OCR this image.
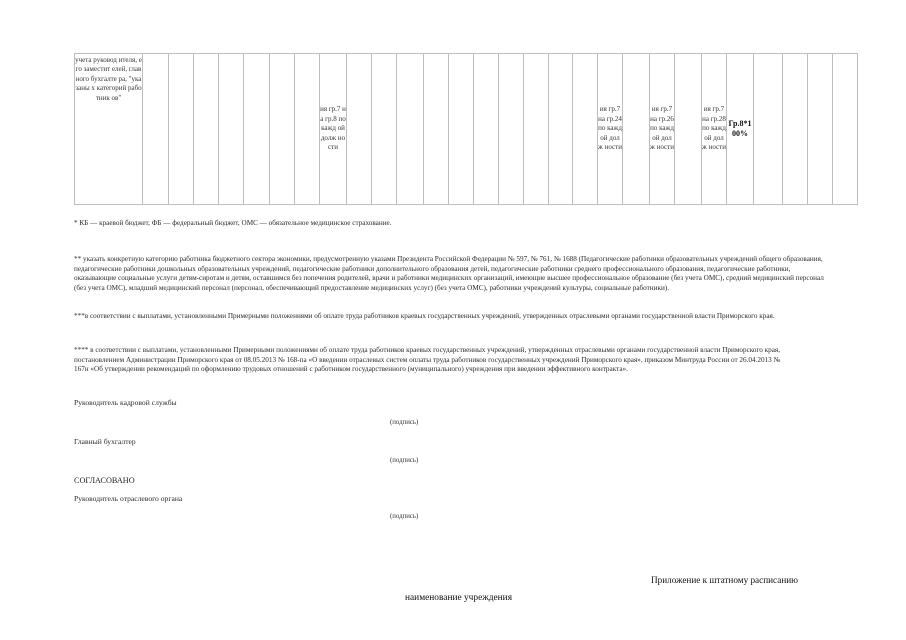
учета руковод ителя, его заместит елей, главного бухгалте ра, "указаны х категорий работник ов"								ия гр.7 на гр.8 по кажд ой долж ности											ия гр.7 на гр.24 по кажд ой долж ности		ия гр.7 на гр.26 по кажд ой долж ности		ия гр.7 на гр.28 по кажд ой долж ности	Гр.8*100%				
* КБ — краевой бюджет, ФБ — федеральный бюджет, ОМС — обязательное медицинское страхование.
** указать конкретную категорию работника бюджетного сектора экономики, предусмотренную указами Президента Российской Федерации № 597, № 761, № 1688 (Педагогические работники образовательных учреждений общего образования, педагогические работники дошкольных образовательных учреждений, педагогические работники дополнительного образования детей, педагогические работники среднего профессионального образования, педагогические работники, оказывающие социальные услуги детям-сиротам и детям, оставшимся без попечения родителей, врачи и работники медицинских организаций, имеющие высшее профессиональное образование (без учета ОМС), средний медицинский персонал (без учета ОМС), младший медицинский персонал (персонал, обеспечивающий предоставление медицинских услуг) (без учета ОМС), работники учреждений культуры, социальные работники).
***в соответствии с выплатами, установленными Примерными положениями об оплате труда работников краевых государственных учреждений, утвержденных отраслевыми органами государственной власти Приморского края.
**** в соответствии с выплатами, установленными Примерными положениями об оплате труда работников краевых государственных учреждений, утвержденных отраслевыми органами государственной власти Приморского края, постановлением Администрации Приморского края от 08.05.2013 № 168-па «О введении отраслевых систем оплаты труда работников государственных учреждений Приморского края», приказом Минтруда России от 26.04.2013 № 167н «Об утверждении рекомендаций по оформлению трудовых отношений с работником государственного (муниципального) учреждения при введении эффективного контракта».
Руководитель кадровой службы
(подпись)
Главный бухгалтер
(подпись)
СОГЛАСОВАНО
Руководитель отраслевого органа
(подпись)
Приложение к штатному расписанию
наименование учреждения
